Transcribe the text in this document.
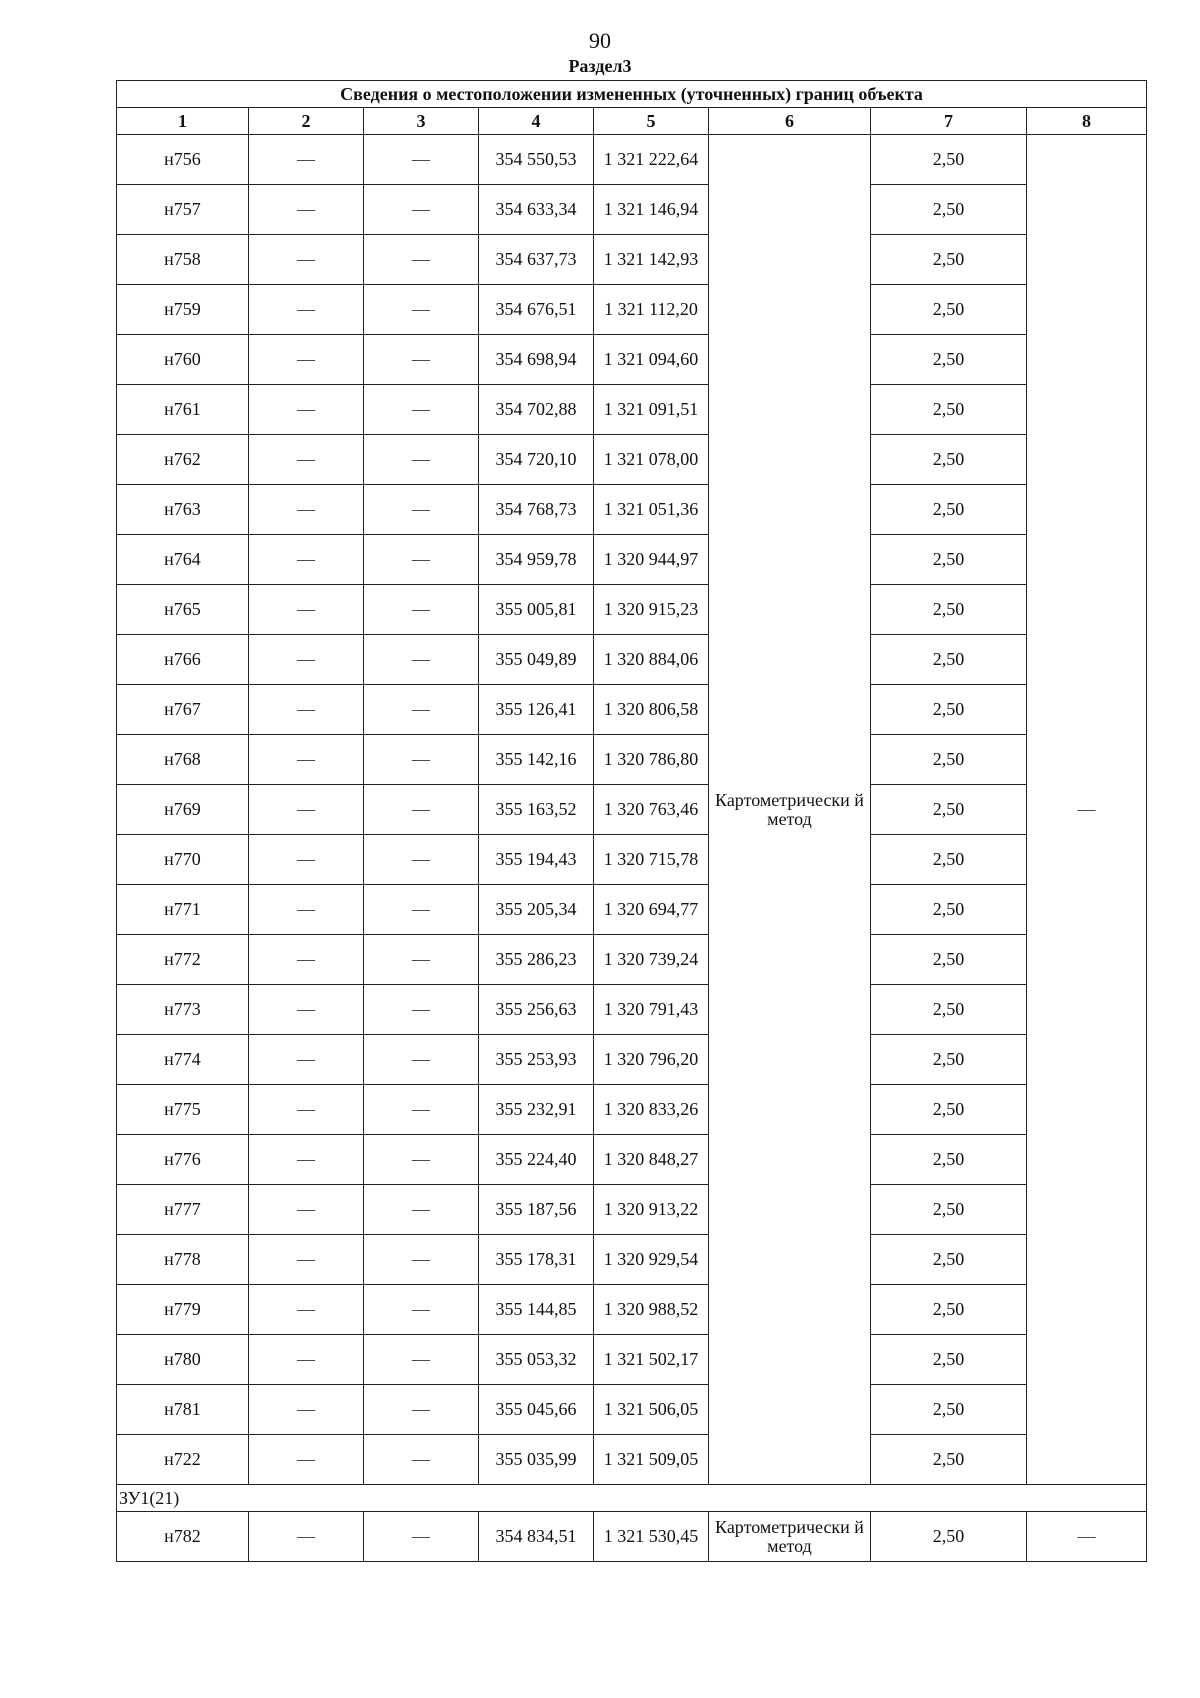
90
Раздел3
Сведения о местоположении измененных (уточненных) границ объекта							
1	2	3	4	5	6	7	8
н756	—	—	354 550,53	1 321 222,64	Картометрически й метод	2,50	—
н757	—	—	354 633,34	1 321 146,94		2,50	
н758	—	—	354 637,73	1 321 142,93		2,50	
н759	—	—	354 676,51	1 321 112,20		2,50	
н760	—	—	354 698,94	1 321 094,60		2,50	
н761	—	—	354 702,88	1 321 091,51		2,50	
н762	—	—	354 720,10	1 321 078,00		2,50	
н763	—	—	354 768,73	1 321 051,36		2,50	
н764	—	—	354 959,78	1 320 944,97		2,50	
н765	—	—	355 005,81	1 320 915,23		2,50	
н766	—	—	355 049,89	1 320 884,06		2,50	
н767	—	—	355 126,41	1 320 806,58		2,50	
н768	—	—	355 142,16	1 320 786,80		2,50	
н769	—	—	355 163,52	1 320 763,46		2,50	
н770	—	—	355 194,43	1 320 715,78		2,50	
н771	—	—	355 205,34	1 320 694,77		2,50	
н772	—	—	355 286,23	1 320 739,24		2,50	
н773	—	—	355 256,63	1 320 791,43		2,50	
н774	—	—	355 253,93	1 320 796,20		2,50	
н775	—	—	355 232,91	1 320 833,26		2,50	
н776	—	—	355 224,40	1 320 848,27		2,50	
н777	—	—	355 187,56	1 320 913,22		2,50	
н778	—	—	355 178,31	1 320 929,54		2,50	
н779	—	—	355 144,85	1 320 988,52		2,50	
н780	—	—	355 053,32	1 321 502,17		2,50	
н781	—	—	355 045,66	1 321 506,05		2,50	
н722	—	—	355 035,99	1 321 509,05		2,50	
ЗУ1(21)							
н782	—	—	354 834,51	1 321 530,45	Картометрически й метод	2,50	—
